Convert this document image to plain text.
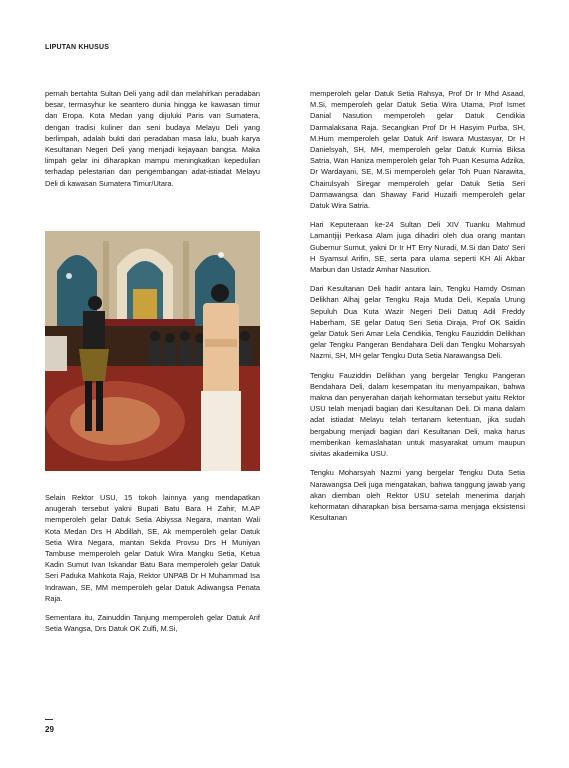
LIPUTAN KHUSUS

pernah bertahta Sultan Deli yang adil dan melahirkan peradaban besar, termasyhur ke seantero dunia hingga ke kawasan timur dan Eropa. Kota Medan yang dijuluki Paris van Sumatera, dengan tradisi kuliner dan seni budaya Melayu Deli yang berlimpah, adalah bukti dari peradaban masa lalu, buah karya Kesultanan Negeri Deli yang menjadi kejayaan bangsa. Maka limpah gelar ini diharapkan mampu meningkatkan kepedulian terhadap pelestarian dan pengembangan adat-istiadat Melayu Deli di kawasan Sumatera Timur/Utara.

Selain Rektor USU, 15 tokoh lainnya yang mendapatkan anugerah tersebut yakni Bupati Batu Bara H Zahir, M.AP memperoleh gelar Datuk Setia Abiyssa Negara, mantan Wali Kota Medan Drs H Abdillah, SE, Ak memperoleh gelar Datuk Setia Wira Negara, mantan Sekda Provsu Drs H Muniyan Tambuse memperoleh gelar Datuk Wira Mangku Setia, Ketua Kadin Sumut Ivan Iskandar Batu Bara memperoleh gelar Datuk Seri Paduka Mahkota Raja, Rektor UNPAB Dr H Muhammad Isa Indrawan, SE, MM memperoleh gelar Datuk Adiwangsa Penata Raja.

Sementara itu, Zainuddin Tanjung memperoleh gelar Datuk Arif Setia Wangsa, Drs Datuk OK Zulfi, M.Si,

memperoleh gelar Datuk Setia Rahsya, Prof Dr Ir Mhd Asaad, M.Si, memperoleh gelar Datuk Setia Wira Utama, Prof Ismet Danial Nasution memperoleh gelar Datuk Cendikia Darmalaksana Raja. Secangkan Prof Dr H Hasyim Purba, SH, M.Hum memperoleh gelar Datuk Arif Iswara Mustasyar, Dr H Danielsyah, SH, MH, memperoleh gelar Datuk Kurnia Biksa Satria, Wan Haniza memperoleh gelar Toh Puan Kesuma Adzika, Dr Wardayani, SE, M.Si memperoleh gelar Toh Puan Narawita, Chairulsyah Siregar memperoleh gelar Datuk Setia Seri Darmawangsa dan Shaway Farid Huzaifi memperoleh gelar Datuk Wira Satria.

Hari Keputeraan ke-24 Sultan Deli XIV Tuanku Mahmud Lamantjiji Perkasa Alam juga dihadiri oleh dua orang mantan Gubernur Sumut, yakni Dr Ir HT Erry Nuradi, M.Si dan Dato' Seri H Syamsul Arifin, SE, serta para ulama seperti KH Ali Akbar Marbun dan Ustadz Amhar Nasution.

Dari Kesultanan Deli hadir antara lain, Tengku Hamdy Osman Delikhan Alhaj gelar Tengku Raja Muda Deli, Kepala Urung Sepuluh Dua Kuta Wazir Negeri Deli Datuq Adil Freddy Haberham, SE gelar Datuq Seri Setia Diraja, Prof OK Saidin gelar Datuk Seri Amar Lela Cendikia, Tengku Fauziddin Delikhan gelar Tengku Pangeran Bendahara Deli dan Tengku Moharsyah Nazmi, SH, MH gelar Tengku Duta Setia Narawangsa Deli.

Tengku Fauziddin Delikhan yang bergelar Tengku Pangeran Bendahara Deli, dalam kesempatan itu menyampaikan, bahwa makna dan penyerahan darjah kehormatan tersebut yaitu Rektor USU telah menjadi bagian dari Kesultanan Deli. Di mana dalam adat istiadat Melayu telah tertanam ketentuan, jika sudah bergabung menjadi bagian dari Kesultanan Deli, maka harus memberikan kemaslahatan untuk masyarakat umum maupun sivitas akademika USU.

Tengku Moharsyah Nazmi yang bergelar Tengku Duta Setia Narawangsa Deli juga mengatakan, bahwa tanggung jawab yang akan diemban oleh Rektor USU setelah menerima darjah kehormatan diharapkan bisa bersama-sama menjaga eksistensi Kesultanan

29
